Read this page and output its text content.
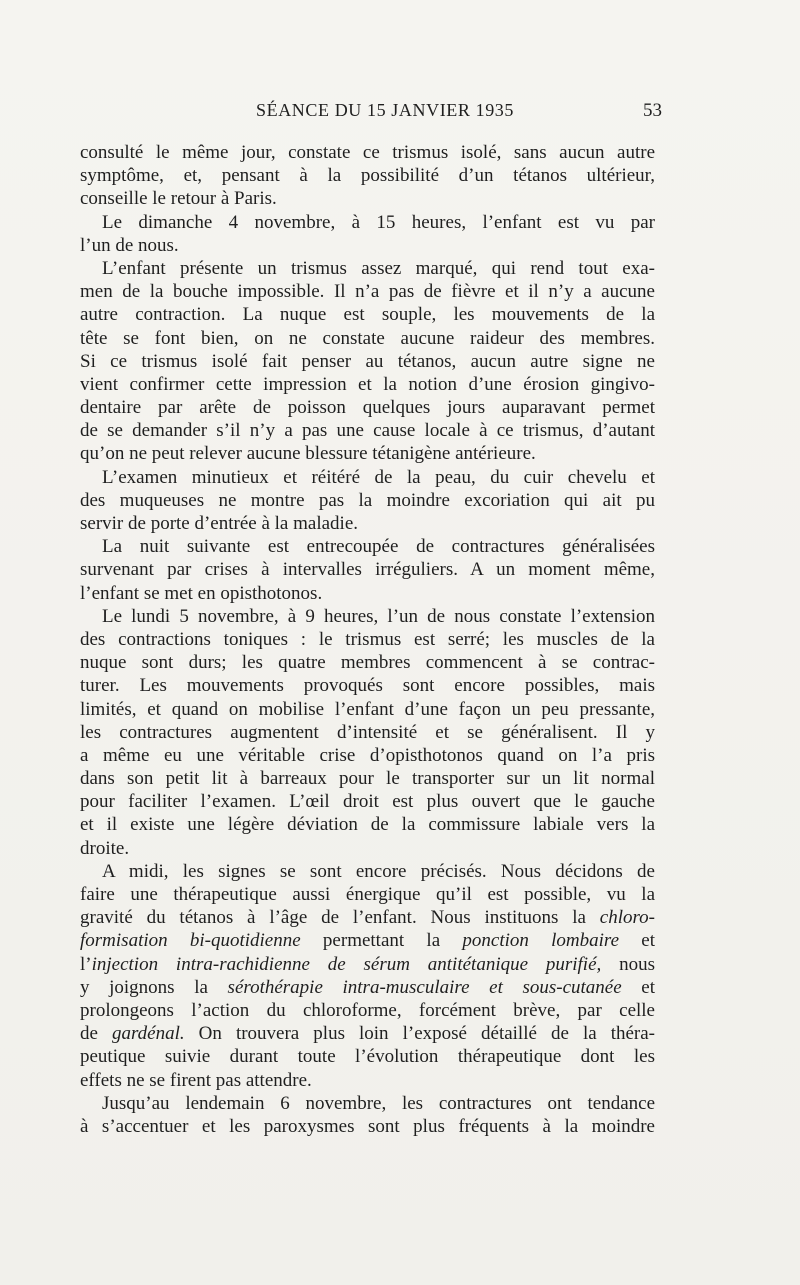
SÉANCE DU 15 JANVIER 1935	53
consulté le même jour, constate ce trismus isolé, sans aucun autre
symptôme, et, pensant à la possibilité d’un tétanos ultérieur,
conseille le retour à Paris.
Le dimanche 4 novembre, à 15 heures, l’enfant est vu par
l’un de nous.
L’enfant présente un trismus assez marqué, qui rend tout exa-
men de la bouche impossible. Il n’a pas de fièvre et il n’y a aucune
autre contraction. La nuque est souple, les mouvements de la
tête se font bien, on ne constate aucune raideur des membres.
Si ce trismus isolé fait penser au tétanos, aucun autre signe ne
vient confirmer cette impression et la notion d’une érosion gingivo-
dentaire par arête de poisson quelques jours auparavant permet
de se demander s’il n’y a pas une cause locale à ce trismus, d’autant
qu’on ne peut relever aucune blessure tétanigène antérieure.
L’examen minutieux et réitéré de la peau, du cuir chevelu et
des muqueuses ne montre pas la moindre excoriation qui ait pu
servir de porte d’entrée à la maladie.
La nuit suivante est entrecoupée de contractures généralisées
survenant par crises à intervalles irréguliers. A un moment même,
l’enfant se met en opisthotonos.
Le lundi 5 novembre, à 9 heures, l’un de nous constate l’extension
des contractions toniques : le trismus est serré; les muscles de la
nuque sont durs; les quatre membres commencent à se contrac-
turer. Les mouvements provoqués sont encore possibles, mais
limités, et quand on mobilise l’enfant d’une façon un peu pressante,
les contractures augmentent d’intensité et se généralisent. Il y
a même eu une véritable crise d’opisthotonos quand on l’a pris
dans son petit lit à barreaux pour le transporter sur un lit normal
pour faciliter l’examen. L’œil droit est plus ouvert que le gauche
et il existe une légère déviation de la commissure labiale vers la
droite.
A midi, les signes se sont encore précisés. Nous décidons de
faire une thérapeutique aussi énergique qu’il est possible, vu la
gravité du tétanos à l’âge de l’enfant. Nous instituons la chloro-
formisation bi-quotidienne permettant la ponction lombaire et
l’injection intra-rachidienne de sérum antitétanique purifié, nous
y joignons la sérothérapie intra-musculaire et sous-cutanée et
prolongeons l’action du chloroforme, forcément brève, par celle
de gardénal. On trouvera plus loin l’exposé détaillé de la théra-
peutique suivie durant toute l’évolution thérapeutique dont les
effets ne se firent pas attendre.
Jusqu’au lendemain 6 novembre, les contractures ont tendance
à s’accentuer et les paroxysmes sont plus fréquents à la moindre
